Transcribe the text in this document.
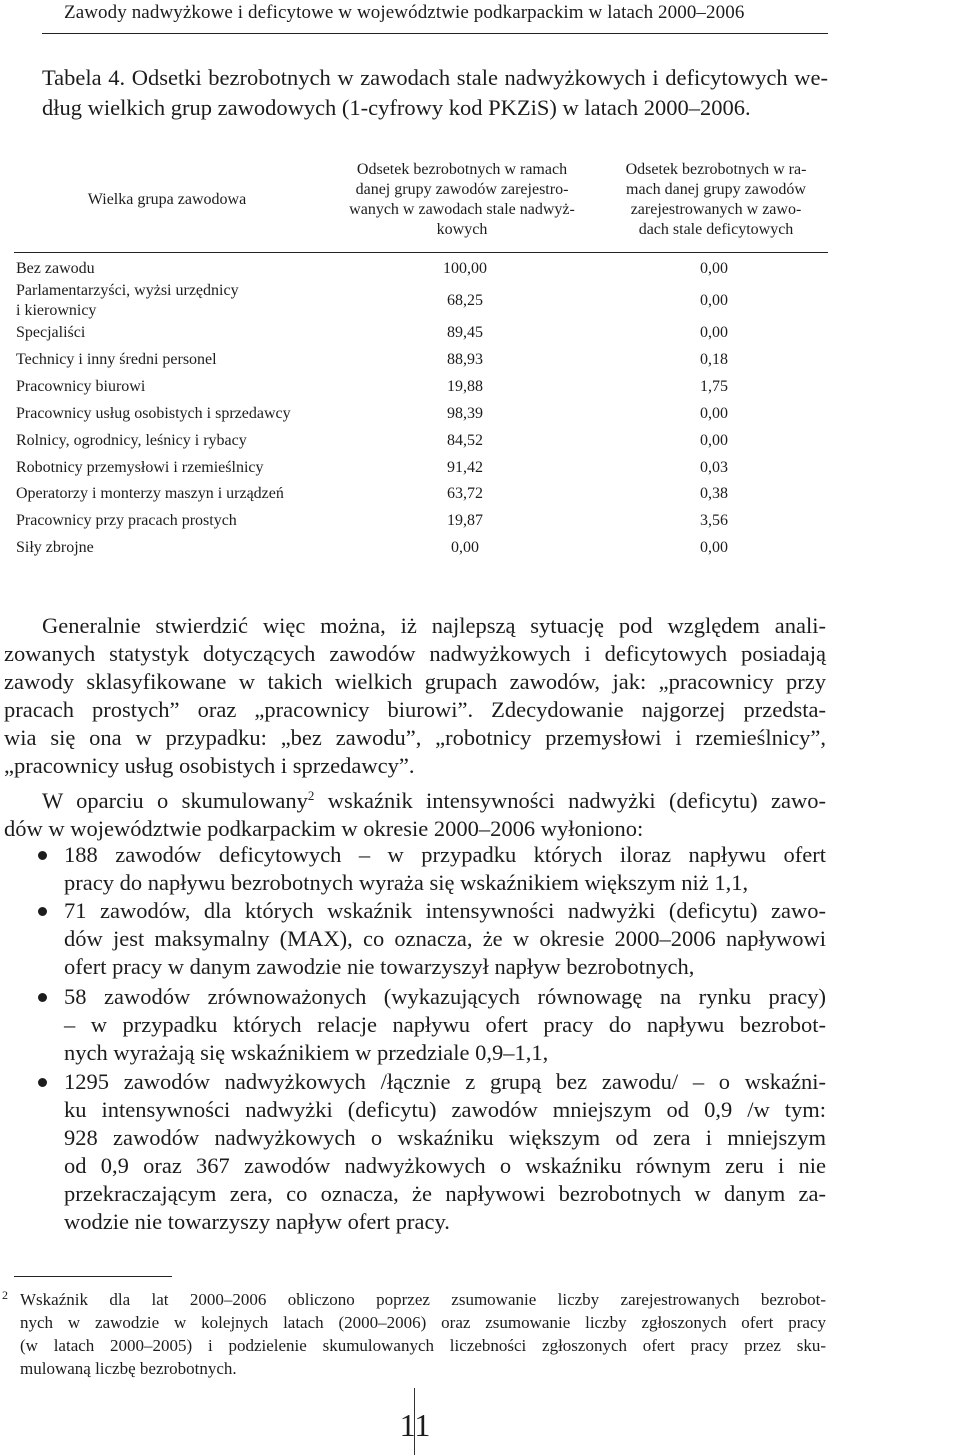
Zawody nadwyżkowe i deficytowe w województwie podkarpackim w latach 2000–2006
Tabela 4. Odsetki bezrobotnych w zawodach stale nadwyżkowych i deficytowych we-
dług wielkich grup zawodowych (1-cyfrowy kod PKZiS) w latach 2000–2006.
Wielka grupa zawodowa
Odsetek bezrobotnych w ramach
danej grupy zawodów zarejestro-
wanych w zawodach stale nadwyż-
kowych
Odsetek bezrobotnych w ra-
mach danej grupy zawodów
zarejestrowanych w zawo-
dach stale deficytowych
Bez zawodu	100,00	0,00
Parlamentarzyści, wyżsi urzędnicy
i kierownicy
68,25	0,00
Specjaliści	89,45	0,00
Technicy i inny średni personel	88,93	0,18
Pracownicy biurowi	19,88	1,75
Pracownicy usług osobistych i sprzedawcy	98,39	0,00
Rolnicy, ogrodnicy, leśnicy i rybacy	84,52	0,00
Robotnicy przemysłowi i rzemieślnicy	91,42	0,03
Operatorzy i monterzy maszyn i urządzeń	63,72	0,38
Pracownicy przy pracach prostych	19,87	3,56
Siły zbrojne	0,00	0,00
Generalnie stwierdzić więc można, iż najlepszą sytuację pod względem anali-
zowanych statystyk dotyczących zawodów nadwyżkowych i deficytowych posiadają
zawody sklasyfikowane w takich wielkich grupach zawodów, jak: „pracownicy przy
pracach prostych” oraz „pracownicy biurowi”. Zdecydowanie najgorzej przedsta-
wia się ona w przypadku: „bez zawodu”, „robotnicy przemysłowi i rzemieślnicy”,
„pracownicy usług osobistych i sprzedawcy”.
W oparciu o skumulowany$^2$ wskaźnik intensywności nadwyżki (deficytu) zawo-
dów w województwie podkarpackim w okresie 2000–2006 wyłoniono:
188 zawodów deficytowych – w przypadku których iloraz napływu ofert
pracy do napływu bezrobotnych wyraża się wskaźnikiem większym niż 1,1,
71 zawodów, dla których wskaźnik intensywności nadwyżki (deficytu) zawo-
dów jest maksymalny (MAX), co oznacza, że w okresie 2000–2006 napływowi
ofert pracy w danym zawodzie nie towarzyszył napływ bezrobotnych,
58 zawodów zrównoważonych (wykazujących równowagę na rynku pracy)
– w przypadku których relacje napływu ofert pracy do napływu bezrobot-
nych wyrażają się wskaźnikiem w przedziale 0,9–1,1,
1295 zawodów nadwyżkowych /łącznie z grupą bez zawodu/ – o wskaźni-
ku intensywności nadwyżki (deficytu) zawodów mniejszym od 0,9 /w tym:
928 zawodów nadwyżkowych o wskaźniku większym od zera i mniejszym
od 0,9 oraz 367 zawodów nadwyżkowych o wskaźniku równym zeru i nie
przekraczającym zera, co oznacza, że napływowi bezrobotnych w danym za-
wodzie nie towarzyszy napływ ofert pracy.
2 Wskaźnik dla lat 2000–2006 obliczono poprzez zsumowanie liczby zarejestrowanych bezrobot-
nych w zawodzie w kolejnych latach (2000–2006) oraz zsumowanie liczby zgłoszonych ofert pracy
(w latach 2000–2005) i podzielenie skumulowanych liczebności zgłoszonych ofert pracy przez sku-
mulowaną liczbę bezrobotnych.
11
